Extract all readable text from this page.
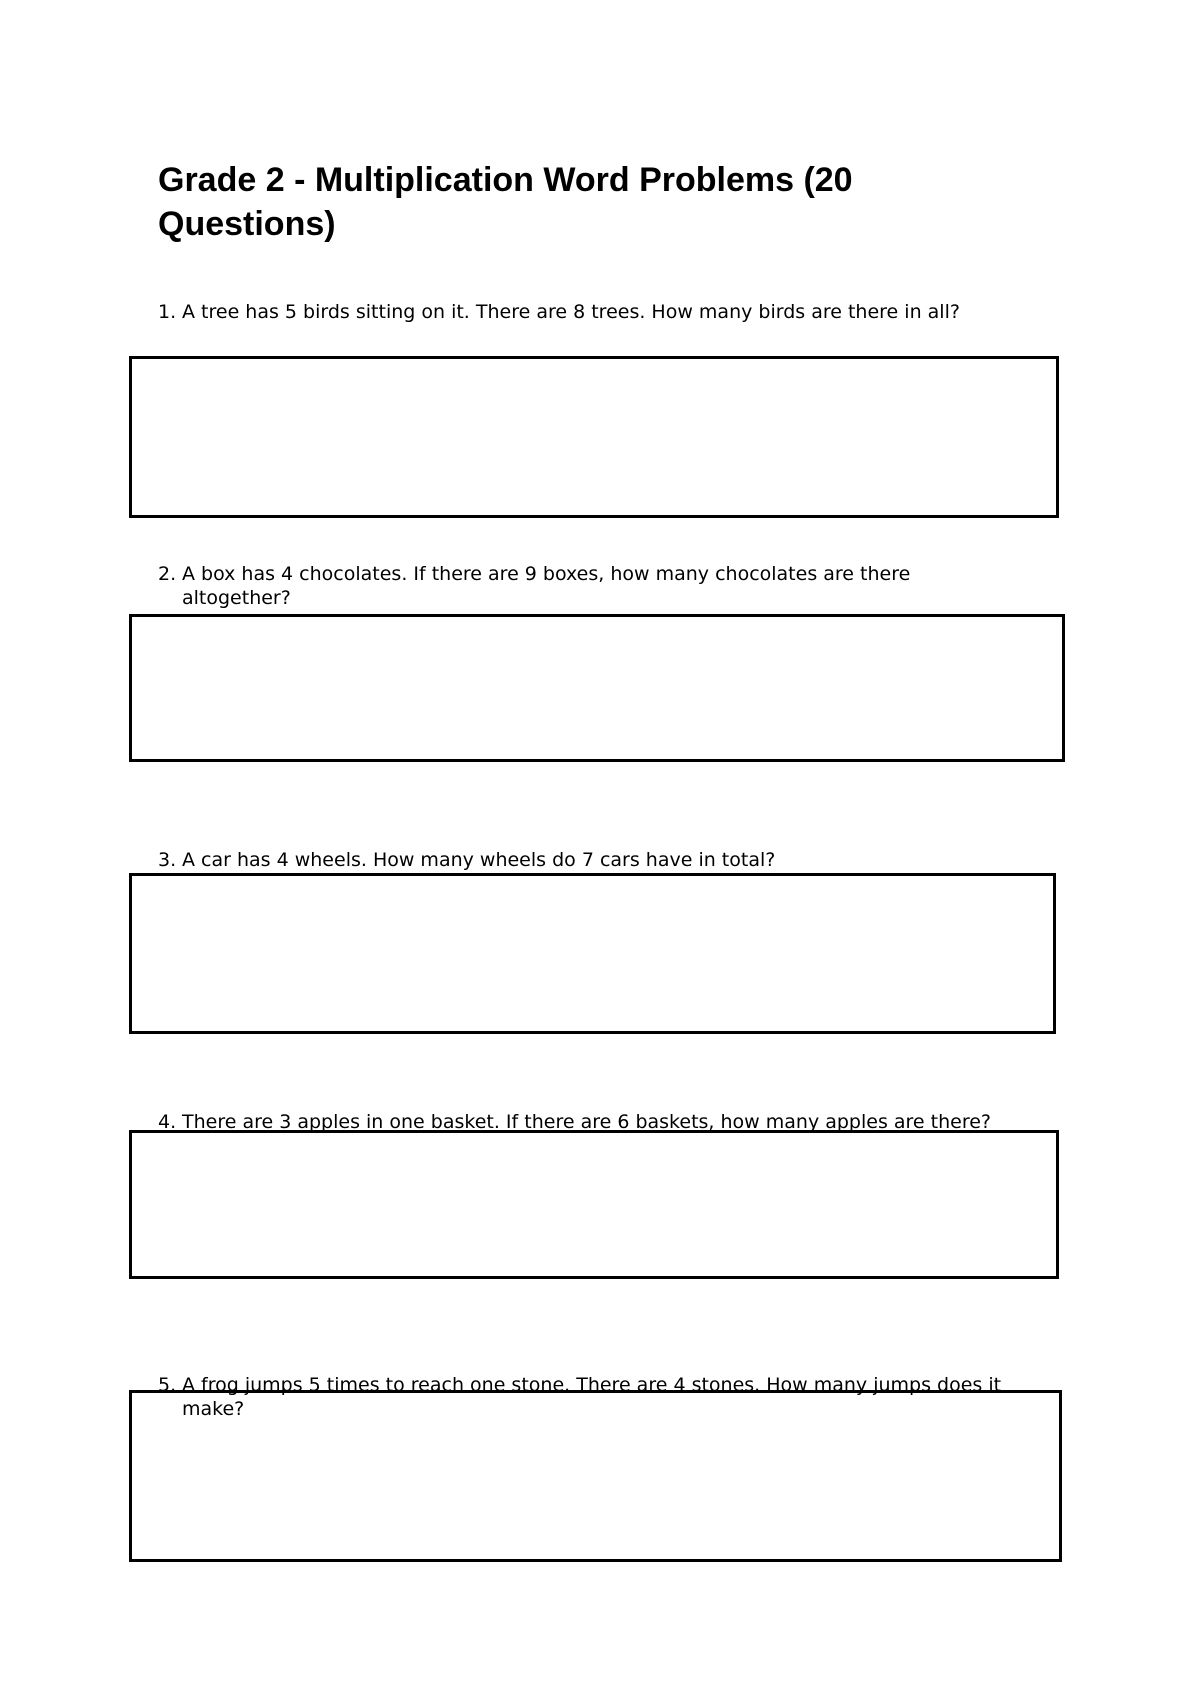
Grade 2 - Multiplication Word Problems (20 Questions)
1. A tree has 5 birds sitting on it. There are 8 trees. How many birds are there in all?
2. A box has 4 chocolates. If there are 9 boxes, how many chocolates are there altogether?
3. A car has 4 wheels. How many wheels do 7 cars have in total?
4. There are 3 apples in one basket. If there are 6 baskets, how many apples are there?
5. A frog jumps 5 times to reach one stone. There are 4 stones. How many jumps does it make?
